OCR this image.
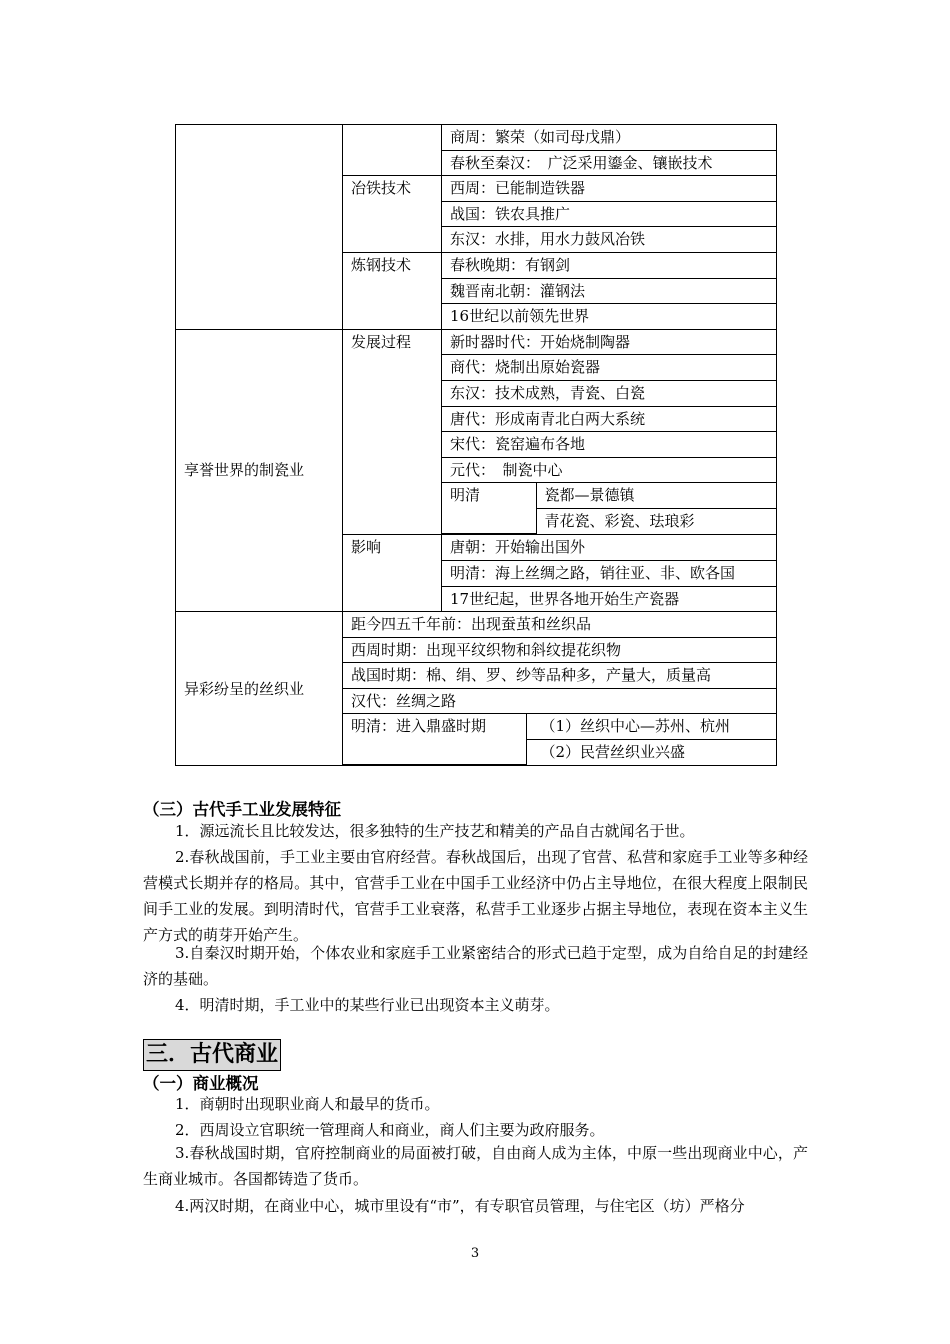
		商周：繁荣（如司母戊鼎）
春秋至秦汉：　广泛采用鎏金、镶嵌技术
冶铁技术	西周：已能制造铁器
战国：铁农具推广
东汉：水排，用水力鼓风冶铁
炼钢技术	春秋晚期：有钢剑
魏晋南北朝：灌钢法
16世纪以前领先世界
享誉世界的制瓷业	发展过程	新时器时代：开始烧制陶器
商代：烧制出原始瓷器
东汉：技术成熟，青瓷、白瓷
唐代：形成南青北白两大系统
宋代：瓷窑遍布各地
元代：　制瓷中心

明清	瓷都—景德镇
青花瓷、彩瓷、珐琅彩

影响	唐朝：开始输出国外
明清：海上丝绸之路，销往亚、非、欧各国
17世纪起，世界各地开始生产瓷器
异彩纷呈的丝织业	距今四五千年前：出现蚕茧和丝织品
西周时期：出现平纹织物和斜纹提花织物
战国时期：棉、绢、罗、纱等品种多，产量大，质量高
汉代：丝绸之路

明清：进入鼎盛时期	（1）丝织中心—苏州、杭州
（2）民营丝织业兴盛

（三）古代手工业发展特征
1．源远流长且比较发达，很多独特的生产技艺和精美的产品自古就闻名于世。
2.春秋战国前，手工业主要由官府经营。春秋战国后，出现了官营、私营和家庭手工业等多种经营模式长期并存的格局。其中，官营手工业在中国手工业经济中仍占主导地位，在很大程度上限制民间手工业的发展。到明清时代，官营手工业衰落，私营手工业逐步占据主导地位，表现在资本主义生产方式的萌芽开始产生。
3.自秦汉时期开始，个体农业和家庭手工业紧密结合的形式已趋于定型，成为自给自足的封建经济的基础。
4．明清时期，手工业中的某些行业已出现资本主义萌芽。
三．古代商业
（一）商业概况
1．商朝时出现职业商人和最早的货币。
2．西周设立官职统一管理商人和商业，商人们主要为政府服务。
3.春秋战国时期，官府控制商业的局面被打破，自由商人成为主体，中原一些出现商业中心，产生商业城市。各国都铸造了货币。
4.两汉时期，在商业中心，城市里设有“市”，有专职官员管理，与住宅区（坊）严格分
3
